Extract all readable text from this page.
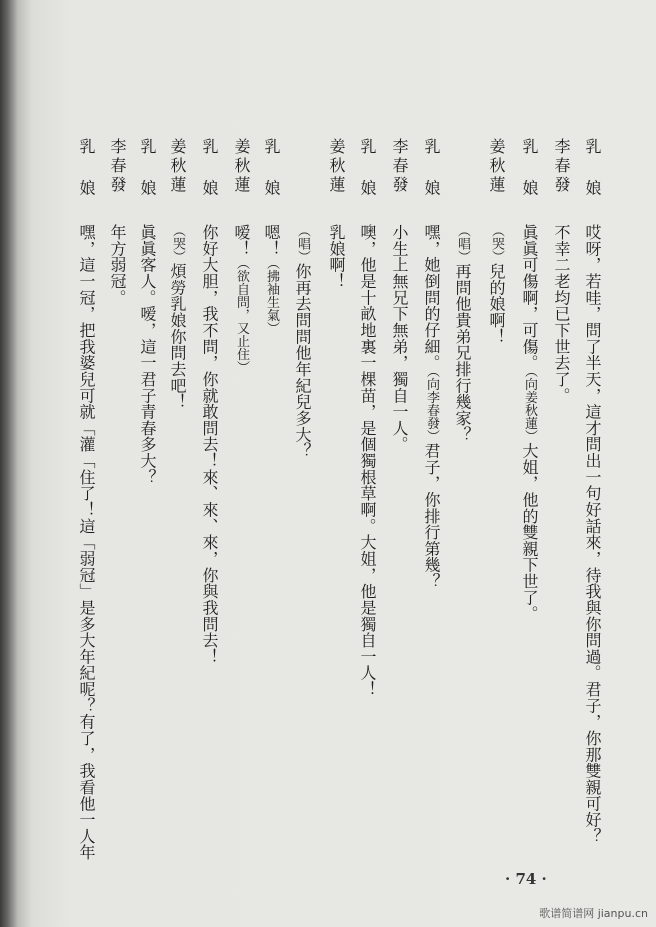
乳娘
哎呀，若哇，問了半天，這才問出一句好話來，待我與你問過。君子，你那雙親可好？
李春發
不幸二老均已下世去了。
乳娘
眞眞可傷啊，可傷。（向姜秋蓮）大姐，他的雙親下世了。
姜秋蓮
（哭）兒的娘啊！
（唱）再問他貴弟兄排行幾家？
乳娘
嘿，她倒問的仔細。（向李春發）君子，你排行第幾？
李春發
小生上無兄下無弟，獨自一人。
乳娘
噢，他是十畝地裏一棵苗，是個獨根草啊。大姐，他是獨自一人！
姜秋蓮
乳娘啊！
（唱）你再去問問他年紀兒多大？
乳娘
嗯！（拂袖生氣）
姜秋蓮
嗳！（欲自問，又止住）
乳娘
你好大胆，我不問，你就敢問去！來、來、來，你與我問去！
姜秋蓮
（哭）煩勞乳娘你問去吧！
乳娘
眞眞客人。嗳，這一君子青春多大？
李春發
年方弱冠。
乳娘
嘿，這一冠，把我婆兒可就「灌「住了！這「弱冠」是多大年紀呢？有了，我看他一人年
· 74 ·
歌谱简谱网 jianpu.cn
